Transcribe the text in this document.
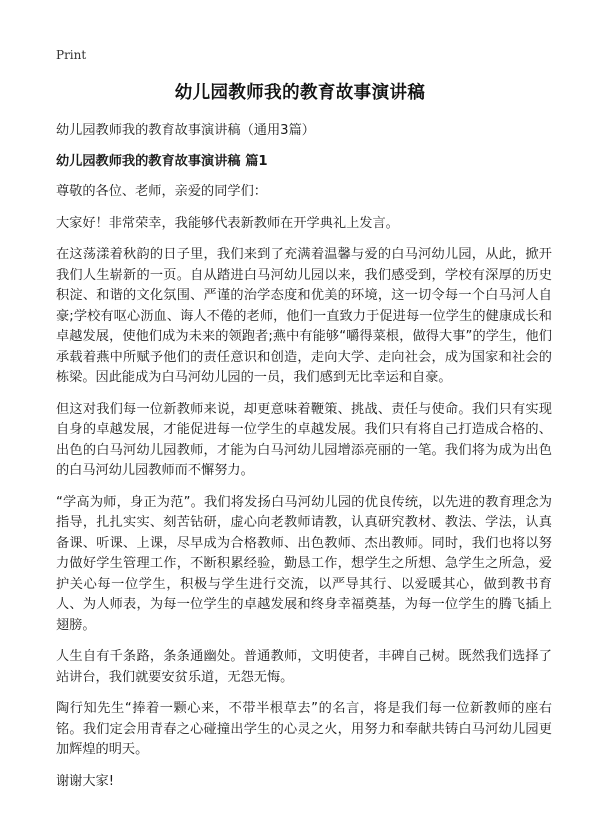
Print
幼儿园教师我的教育故事演讲稿
幼儿园教师我的教育故事演讲稿（通用3篇）
幼儿园教师我的教育故事演讲稿 篇1

尊敬的各位、老师，亲爱的同学们：

大家好！非常荣幸，我能够代表新教师在开学典礼上发言。

在这荡漾着秋韵的日子里，我们来到了充满着温馨与爱的白马河幼儿园，从此，掀开我们人生崭新的一页。自从踏进白马河幼儿园以来，我们感受到，学校有深厚的历史积淀、和谐的文化氛围、严谨的治学态度和优美的环境，这一切令每一个白马河人自豪;学校有呕心沥血、诲人不倦的老师，他们一直致力于促进每一位学生的健康成长和卓越发展，使他们成为未来的领跑者;燕中有能够“嚼得菜根，做得大事”的学生，他们承载着燕中所赋予他们的责任意识和创造，走向大学、走向社会，成为国家和社会的栋梁。因此能成为白马河幼儿园的一员，我们感到无比幸运和自豪。

但这对我们每一位新教师来说，却更意味着鞭策、挑战、责任与使命。我们只有实现自身的卓越发展，才能促进每一位学生的卓越发展。我们只有将自己打造成合格的、出色的白马河幼儿园教师，才能为白马河幼儿园增添亮丽的一笔。我们将为成为出色的白马河幼儿园教师而不懈努力。

“学高为师，身正为范”。我们将发扬白马河幼儿园的优良传统，以先进的教育理念为指导，扎扎实实、刻苦钻研，虚心向老教师请教，认真研究教材、教法、学法，认真备课、听课、上课，尽早成为合格教师、出色教师、杰出教师。同时，我们也将以努力做好学生管理工作，不断积累经验，勤恳工作，想学生之所想、急学生之所急，爱护关心每一位学生，积极与学生进行交流，以严导其行、以爱暖其心，做到教书育人、为人师表，为每一位学生的卓越发展和终身幸福奠基，为每一位学生的腾飞插上翅膀。

人生自有千条路，条条通幽处。普通教师，文明使者，丰碑自己树。既然我们选择了站讲台，我们就要安贫乐道，无怨无悔。

陶行知先生“捧着一颗心来，不带半根草去”的名言，将是我们每一位新教师的座右铭。我们定会用青春之心碰撞出学生的心灵之火，用努力和奉献共铸白马河幼儿园更加辉煌的明天。

谢谢大家!
